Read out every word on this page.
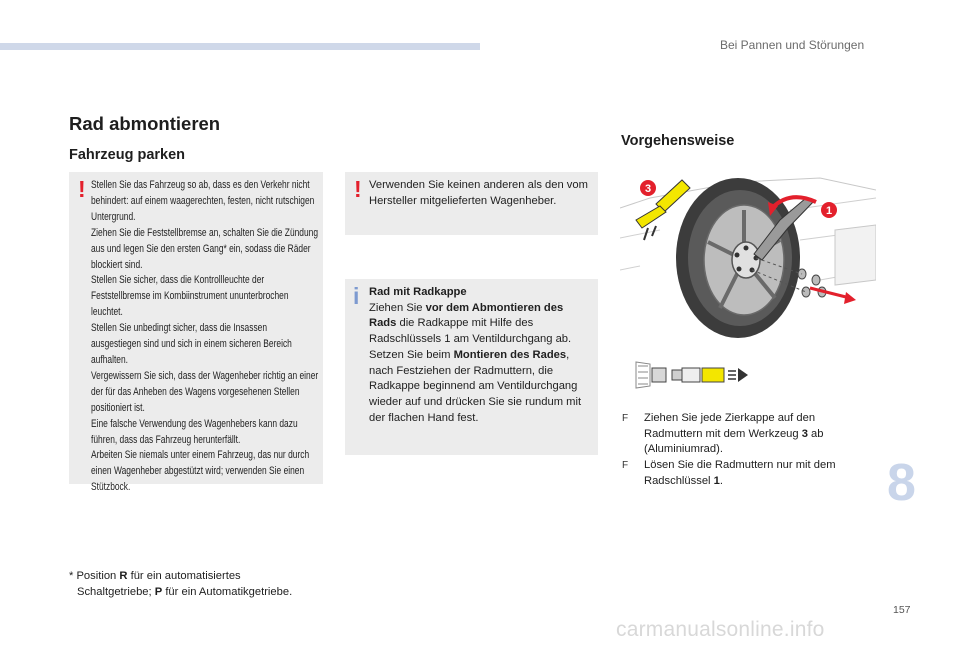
Bei Pannen und Störungen
Rad abmontieren
Fahrzeug parken
Vorgehensweise
! Stellen Sie das Fahrzeug so ab, dass es den Verkehr nicht behindert: auf einem waagerechten, festen, nicht rutschigen Untergrund.

Ziehen Sie die Feststellbremse an, schalten Sie die Zündung aus und legen Sie den ersten Gang* ein, sodass die Räder blockiert sind.

Stellen Sie sicher, dass die Kontrollleuchte der Feststellbremse im Kombiinstrument ununterbrochen leuchtet.

Stellen Sie unbedingt sicher, dass die Insassen ausgestiegen sind und sich in einem sicheren Bereich aufhalten.

Vergewissern Sie sich, dass der Wagenheber richtig an einer der für das Anheben des Wagens vorgesehenen Stellen positioniert ist.

Eine falsche Verwendung des Wagenhebers kann dazu führen, dass das Fahrzeug herunterfällt.

Arbeiten Sie niemals unter einem Fahrzeug, das nur durch einen Wagenheber abgestützt wird; verwenden Sie einen Stützbock.

! Verwenden Sie keinen anderen als den vom Hersteller mitgelieferten Wagenheber.
i Rad mit Radkappe
Ziehen Sie vor dem Abmontieren des Rads die Radkappe mit Hilfe des Radschlüssels 1 am Ventildurchgang ab. Setzen Sie beim Montieren des Rades, nach Festziehen der Radmuttern, die Radkappe beginnend am Ventildurchgang wieder auf und drücken Sie sie rundum mit der flachen Hand fest.
* Position R für ein automatisiertes
Schaltgetriebe; P für ein Automatikgetriebe.
1
3
F Ziehen Sie jede Zierkappe auf den Radmuttern mit dem Werkzeug 3 ab (Aluminiumrad).
F Lösen Sie die Radmuttern nur mit dem Radschlüssel 1.	8
157
carmanualsonline.info
